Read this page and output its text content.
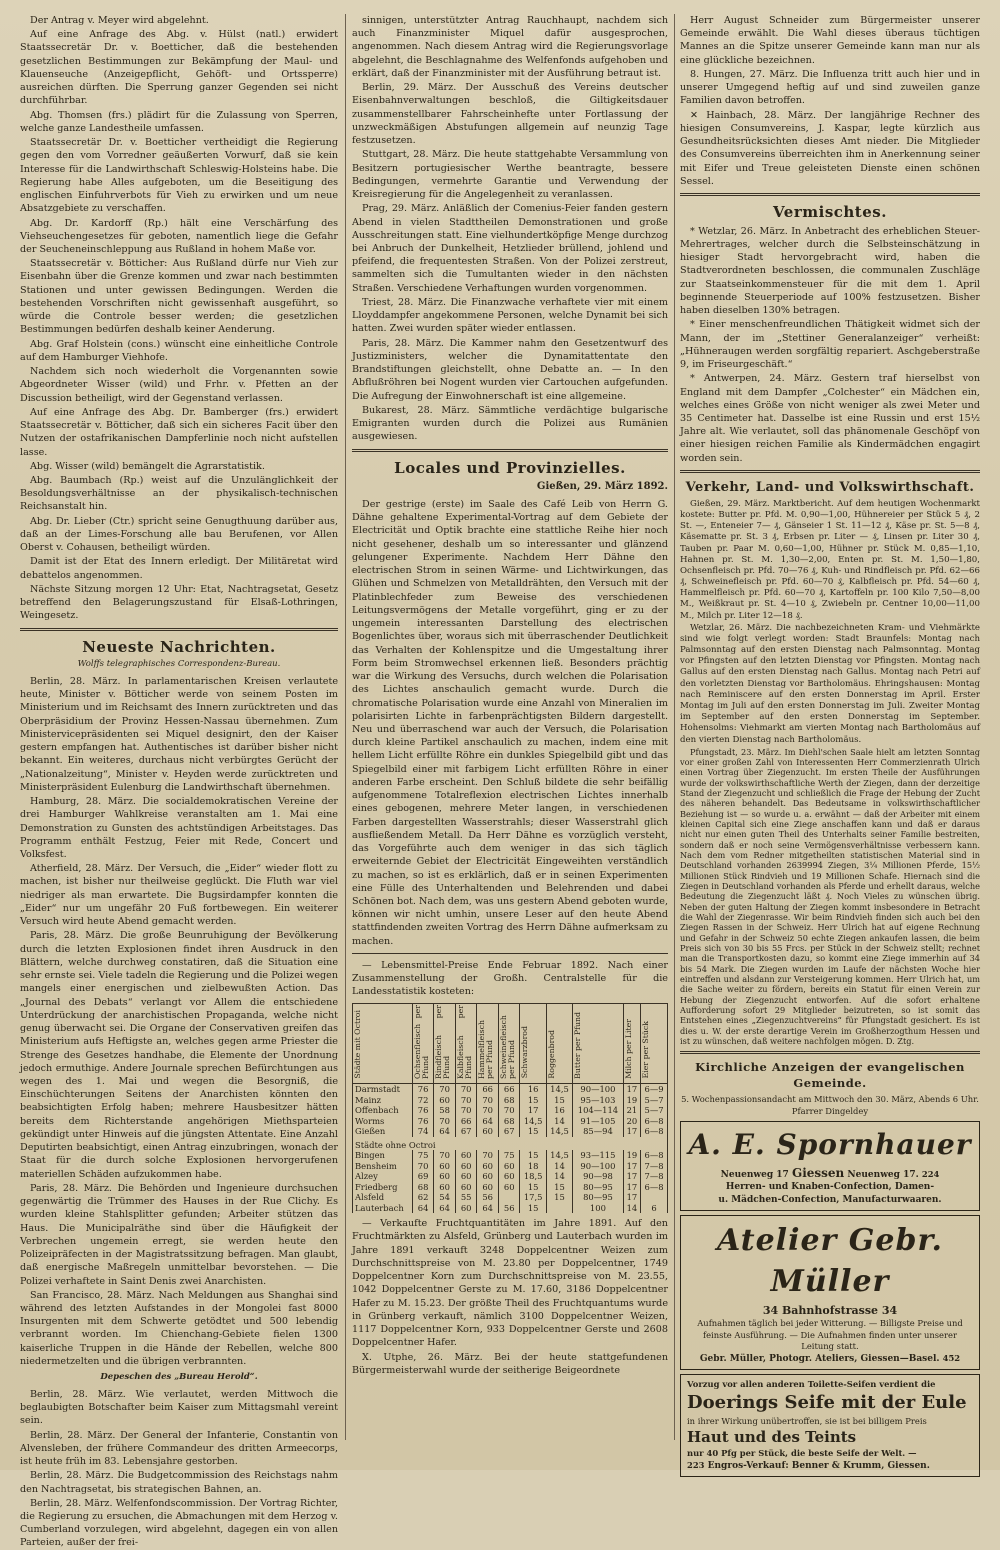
Der Antrag v. Meyer wird abgelehnt.

Auf eine Anfrage des Abg. v. Hülst (natl.) erwidert Staatssecretär Dr. v. Boetticher, daß die bestehenden gesetzlichen Bestimmungen zur Bekämpfung der Maul- und Klauenseuche (Anzeigepflicht, Gehöft- und Ortssperre) ausreichen dürften. Die Sperrung ganzer Gegenden sei nicht durchführbar.

Abg. Thomsen (frs.) plädirt für die Zulassung von Sperren, welche ganze Landestheile umfassen.

Staatssecretär Dr. v. Boetticher vertheidigt die Regierung gegen den vom Vorredner geäußerten Vorwurf, daß sie kein Interesse für die Landwirthschaft Schleswig-Holsteins habe. Die Regierung habe Alles aufgeboten, um die Beseitigung des englischen Einfuhrverbots für Vieh zu erwirken und um neue Absatzgebiete zu verschaffen.

Abg. Dr. Kardorff (Rp.) hält eine Verschärfung des Viehseuchengesetzes für geboten, namentlich liege die Gefahr der Seucheneinschleppung aus Rußland in hohem Maße vor.

Staatssecretär v. Bötticher: Aus Rußland dürfe nur Vieh zur Eisenbahn über die Grenze kommen und zwar nach bestimmten Stationen und unter gewissen Bedingungen. Werden die bestehenden Vorschriften nicht gewissenhaft ausgeführt, so würde die Controle besser werden; die gesetzlichen Bestimmungen bedürfen deshalb keiner Aenderung.

Abg. Graf Holstein (cons.) wünscht eine einheitliche Controle auf dem Hamburger Viehhofe.

Nachdem sich noch wiederholt die Vorgenannten sowie Abgeordneter Wisser (wild) und Frhr. v. Pfetten an der Discussion betheiligt, wird der Gegenstand verlassen.

Auf eine Anfrage des Abg. Dr. Bamberger (frs.) erwidert Staatssecretär v. Bötticher, daß sich ein sicheres Facit über den Nutzen der ostafrikanischen Dampferlinie noch nicht aufstellen lasse.

Abg. Wisser (wild) bemängelt die Agrarstatistik.

Abg. Baumbach (Rp.) weist auf die Unzulänglichkeit der Besoldungsverhältnisse an der physikalisch-technischen Reichsanstalt hin.

Abg. Dr. Lieber (Ctr.) spricht seine Genugthuung darüber aus, daß an der Limes-Forschung alle bau Berufenen, vor Allen Oberst v. Cohausen, betheiligt würden.

Damit ist der Etat des Innern erledigt. Der Militäretat wird debattelos angenommen.

Nächste Sitzung morgen 12 Uhr: Etat, Nachtragsetat, Gesetz betreffend den Belagerungszustand für Elsaß-Lothringen, Weingesetz.

Neueste Nachrichten.
Wolffs telegraphisches Correspondenz-Bureau.

Berlin, 28. März. In parlamentarischen Kreisen verlautete heute, Minister v. Bötticher werde von seinem Posten im Ministerium und im Reichsamt des Innern zurücktreten und das Oberpräsidium der Provinz Hessen-Nassau übernehmen. Zum Ministervicepräsidenten sei Miquel designirt, den der Kaiser gestern empfangen hat. Authentisches ist darüber bisher nicht bekannt. Ein weiteres, durchaus nicht verbürgtes Gerücht der „Nationalzeitung“, Minister v. Heyden werde zurücktreten und Ministerpräsident Eulenburg die Landwirthschaft übernehmen.

Hamburg, 28. März. Die socialdemokratischen Vereine der drei Hamburger Wahlkreise veranstalten am 1. Mai eine Demonstration zu Gunsten des achtstündigen Arbeitstages. Das Programm enthält Festzug, Feier mit Rede, Concert und Volksfest.

Atherfield, 28. März. Der Versuch, die „Eider“ wieder flott zu machen, ist bisher nur theilweise geglückt. Die Fluth war viel niedriger als man erwartete. Die Bugsirdampfer konnten die „Eider“ nur um ungefähr 20 Fuß fortbewegen. Ein weiterer Versuch wird heute Abend gemacht werden.

Paris, 28. März. Die große Beunruhigung der Bevölkerung durch die letzten Explosionen findet ihren Ausdruck in den Blättern, welche durchweg constatiren, daß die Situation eine sehr ernste sei. Viele tadeln die Regierung und die Polizei wegen mangels einer energischen und zielbewußten Action. Das „Journal des Debats“ verlangt vor Allem die entschiedene Unterdrückung der anarchistischen Propaganda, welche nicht genug überwacht sei. Die Organe der Conservativen greifen das Ministerium aufs Heftigste an, welches gegen arme Priester die Strenge des Gesetzes handhabe, die Elemente der Unordnung jedoch ermuthige. Andere Journale sprechen Befürchtungen aus wegen des 1. Mai und wegen die Besorgniß, die Einschüchterungen Seitens der Anarchisten könnten den beabsichtigten Erfolg haben; mehrere Hausbesitzer hätten bereits dem Richterstande angehörigen Miethsparteien gekündigt unter Hinweis auf die jüngsten Attentate. Eine Anzahl Deputirten beabsichtigt, einen Antrag einzubringen, wonach der Staat für die durch solche Explosionen hervorgerufenen materiellen Schäden aufzukommen habe.

Paris, 28. März. Die Behörden und Ingenieure durchsuchen gegenwärtig die Trümmer des Hauses in der Rue Clichy. Es wurden kleine Stahlsplitter gefunden; Arbeiter stützen das Haus. Die Municipalräthe sind über die Häufigkeit der Verbrechen ungemein erregt, sie werden heute den Polizeipräfecten in der Magistratssitzung befragen. Man glaubt, daß energische Maßregeln unmittelbar bevorstehen. — Die Polizei verhaftete in Saint Denis zwei Anarchisten.

San Francisco, 28. März. Nach Meldungen aus Shanghai sind während des letzten Aufstandes in der Mongolei fast 8000 Insurgenten mit dem Schwerte getödtet und 500 lebendig verbrannt worden. Im Chienchang-Gebiete fielen 1300 kaiserliche Truppen in die Hände der Rebellen, welche 800 niedermetzelten und die übrigen verbrannten.

Depeschen des „Bureau Herold“.

Berlin, 28. März. Wie verlautet, werden Mittwoch die beglaubigten Botschafter beim Kaiser zum Mittagsmahl vereint sein.

Berlin, 28. März. Der General der Infanterie, Constantin von Alvensleben, der frühere Commandeur des dritten Armeecorps, ist heute früh im 83. Lebensjahre gestorben.

Berlin, 28. März. Die Budgetcommission des Reichstags nahm den Nachtragsetat, bis strategischen Bahnen, an.

Berlin, 28. März. Welfenfondscommission. Der Vortrag Richter, die Regierung zu ersuchen, die Abmachungen mit dem Herzog v. Cumberland vorzulegen, wird abgelehnt, dagegen ein von allen Parteien, außer der frei-

sinnigen, unterstützter Antrag Rauchhaupt, nachdem sich auch Finanzminister Miquel dafür ausgesprochen, angenommen. Nach diesem Antrag wird die Regierungsvorlage abgelehnt, die Beschlagnahme des Welfenfonds aufgehoben und erklärt, daß der Finanzminister mit der Ausführung betraut ist.

Berlin, 29. März. Der Ausschuß des Vereins deutscher Eisenbahnverwaltungen beschloß, die Giltigkeitsdauer zusammenstellbarer Fahrscheinhefte unter Fortlassung der unzweckmäßigen Abstufungen allgemein auf neunzig Tage festzusetzen.

Stuttgart, 28. März. Die heute stattgehabte Versammlung von Besitzern portugiesischer Werthe beantragte, bessere Bedingungen, vermehrte Garantie und Verwendung der Kreisregierung für die Angelegenheit zu veranlassen.

Prag, 29. März. Anläßlich der Comenius-Feier fanden gestern Abend in vielen Stadttheilen Demonstrationen und große Ausschreitungen statt. Eine vielhundertköpfige Menge durchzog bei Anbruch der Dunkelheit, Hetzlieder brüllend, johlend und pfeifend, die frequentesten Straßen. Von der Polizei zerstreut, sammelten sich die Tumultanten wieder in den nächsten Straßen. Verschiedene Verhaftungen wurden vorgenommen.

Triest, 28. März. Die Finanzwache verhaftete vier mit einem Lloyddampfer angekommene Personen, welche Dynamit bei sich hatten. Zwei wurden später wieder entlassen.

Paris, 28. März. Die Kammer nahm den Gesetzentwurf des Justizministers, welcher die Dynamitattentate den Brandstiftungen gleichstellt, ohne Debatte an. — In den Abflußröhren bei Nogent wurden vier Cartouchen aufgefunden. Die Aufregung der Einwohnerschaft ist eine allgemeine.

Bukarest, 28. März. Sämmtliche verdächtige bulgarische Emigranten wurden durch die Polizei aus Rumänien ausgewiesen.

Locales und Provinzielles.
Gießen, 29. März 1892.

Der gestrige (erste) im Saale des Café Leib von Herrn G. Dähne gehaltene Experimental-Vortrag auf dem Gebiete der Electricität und Optik brachte eine stattliche Reihe hier noch nicht gesehener, deshalb um so interessanter und glänzend gelungener Experimente. Nachdem Herr Dähne den electrischen Strom in seinen Wärme- und Lichtwirkungen, das Glühen und Schmelzen von Metalldrähten, den Versuch mit der Platinblechfeder zum Beweise des verschiedenen Leitungsvermögens der Metalle vorgeführt, ging er zu der ungemein interessanten Darstellung des electrischen Bogenlichtes über, woraus sich mit überraschender Deutlichkeit das Verhalten der Kohlenspitze und die Umgestaltung ihrer Form beim Stromwechsel erkennen ließ. Besonders prächtig war die Wirkung des Versuchs, durch welchen die Polarisation des Lichtes anschaulich gemacht wurde. Durch die chromatische Polarisation wurde eine Anzahl von Mineralien im polarisirten Lichte in farbenprächtigsten Bildern dargestellt. Neu und überraschend war auch der Versuch, die Polarisation durch kleine Partikel anschaulich zu machen, indem eine mit hellem Licht erfüllte Röhre ein dunkles Spiegelbild gibt und das Spiegelbild einer mit farbigem Licht erfüllten Röhre in einer anderen Farbe erscheint. Den Schluß bildete die sehr beifällig aufgenommene Totalreflexion electrischen Lichtes innerhalb eines gebogenen, mehrere Meter langen, in verschiedenen Farben dargestellten Wasserstrahls; dieser Wasserstrahl glich ausfließendem Metall. Da Herr Dähne es vorzüglich versteht, das Vorgeführte auch dem weniger in das sich täglich erweiternde Gebiet der Electricität Eingeweihten verständlich zu machen, so ist es erklärlich, daß er in seinen Experimenten eine Fülle des Unterhaltenden und Belehrenden und dabei Schönen bot. Nach dem, was uns gestern Abend geboten wurde, können wir nicht umhin, unsere Leser auf den heute Abend stattfindenden zweiten Vortrag des Herrn Dähne aufmerksam zu machen.

— Lebensmittel-Preise Ende Februar 1892. Nach einer Zusammenstellung der Großh. Centralstelle für die Landesstatistik kosteten:

Städte mit Octroi	Ochsenfleisch per Pfund	Rindfleisch per Pfund	Kalbfleisch per Pfund	Hammelfleisch per Pfund	Schweinefleisch per Pfund	Schwarzbrod	Roggenbrod	Butter per Pfund	Milch per Liter	Eier per Stück
Darmstadt	76	70	70	66	66	16	14,5	90—100	17	6—9
Mainz	72	60	70	70	68	15	15	95—103	19	5—7
Offenbach	76	58	70	70	70	17	16	104—114	21	5—7
Worms	76	70	66	64	68	14,5	14	91—105	20	6—8
Gießen	74	64	67	60	67	15	14,5	85—94	17	6—8
Städte ohne Octroi										
Bingen	75	70	60	70	75	15	14,5	93—115	19	6—8
Bensheim	70	60	60	60	60	18	14	90—100	17	7—8
Alzey	69	60	60	60	60	18,5	14	90—98	17	7—8
Friedberg	68	60	60	60	60	15	15	80—95	17	6—8
Alsfeld	62	54	55	56		17,5	15	80—95	17	
Lauterbach	64	64	60	64	56	15		100	14	6

— Verkaufte Fruchtquantitäten im Jahre 1891. Auf den Fruchtmärkten zu Alsfeld, Grünberg und Lauterbach wurden im Jahre 1891 verkauft 3248 Doppelcentner Weizen zum Durchschnittspreise von M. 23.80 per Doppelcentner, 1749 Doppelcentner Korn zum Durchschnittspreise von M. 23.55, 1042 Doppelcentner Gerste zu M. 17.60, 3186 Doppelcentner Hafer zu M. 15.23. Der größte Theil des Fruchtquantums wurde in Grünberg verkauft, nämlich 3100 Doppelcentner Weizen, 1117 Doppelcentner Korn, 933 Doppelcentner Gerste und 2608 Doppelcentner Hafer.

X. Utphe, 26. März. Bei der heute stattgefundenen Bürgermeisterwahl wurde der seitherige Beigeordnete

Herr August Schneider zum Bürgermeister unserer Gemeinde erwählt. Die Wahl dieses überaus tüchtigen Mannes an die Spitze unserer Gemeinde kann man nur als eine glückliche bezeichnen.

8. Hungen, 27. März. Die Influenza tritt auch hier und in unserer Umgegend heftig auf und sind zuweilen ganze Familien davon betroffen.

✕ Hainbach, 28. März. Der langjährige Rechner des hiesigen Consumvereins, J. Kaspar, legte kürzlich aus Gesundheitsrücksichten dieses Amt nieder. Die Mitglieder des Consumvereins überreichten ihm in Anerkennung seiner mit Eifer und Treue geleisteten Dienste einen schönen Sessel.

Vermischtes.

* Wetzlar, 26. März. In Anbetracht des erheblichen Steuer-Mehrertrages, welcher durch die Selbsteinschätzung in hiesiger Stadt hervorgebracht wird, haben die Stadtverordneten beschlossen, die communalen Zuschläge zur Staatseinkommensteuer für die mit dem 1. April beginnende Steuerperiode auf 100% festzusetzen. Bisher haben dieselben 130% betragen.

* Einer menschenfreundlichen Thätigkeit widmet sich der Mann, der im „Stettiner Generalanzeiger“ verheißt: „Hühneraugen werden sorgfältig repariert. Aschgeberstraße 9, im Friseurgeschäft.“

* Antwerpen, 24. März. Gestern traf hierselbst von England mit dem Dampfer „Colchester“ ein Mädchen ein, welches eines Größe von nicht weniger als zwei Meter und 35 Centimeter hat. Dasselbe ist eine Russin und erst 15½ Jahre alt. Wie verlautet, soll das phänomenale Geschöpf von einer hiesigen reichen Familie als Kindermädchen engagirt worden sein.

Verkehr, Land- und Volkswirthschaft.

Gießen, 29. März. Marktbericht. Auf dem heutigen Wochenmarkt kostete: Butter pr. Pfd. M. 0,90—1,00, Hühnereier per Stück 5 ₰, 2 St. —, Enteneier 7— ₰, Gänseier 1 St. 11—12 ₰, Käse pr. St. 5—8 ₰, Käsematte pr. St. 3 ₰, Erbsen pr. Liter — ₰, Linsen pr. Liter 30 ₰, Tauben pr. Paar M. 0,60—1,00, Hühner pr. Stück M. 0,85—1,10, Hahnen pr. St. M. 1,30—2,00, Enten pr. St. M. 1,50—1,80, Ochsenfleisch pr. Pfd. 70—76 ₰, Kuh- und Rindfleisch pr. Pfd. 62—66 ₰, Schweinefleisch pr. Pfd. 60—70 ₰, Kalbfleisch pr. Pfd. 54—60 ₰, Hammelfleisch pr. Pfd. 60—70 ₰, Kartoffeln pr. 100 Kilo 7,50—8,00 M., Weißkraut pr. St. 4—10 ₰, Zwiebeln pr. Centner 10,00—11,00 M., Milch pr. Liter 12—18 ₰.

Wetzlar, 26. März. Die nachbezeichneten Kram- und Viehmärkte sind wie folgt verlegt worden: Stadt Braunfels: Montag nach Palmsonntag auf den ersten Dienstag nach Palmsonntag. Montag vor Pfingsten auf den letzten Dienstag vor Pfingsten. Montag nach Gallus auf den ersten Dienstag nach Gallus. Montag nach Petri auf den vorletzten Dienstag vor Bartholomäus. Ehringshausen: Montag nach Reminiscere auf den ersten Donnerstag im April. Erster Montag im Juli auf den ersten Donnerstag im Juli. Zweiter Montag im September auf den ersten Donnerstag im September. Hohensolms: Viehmarkt am vierten Montag nach Bartholomäus auf den vierten Dienstag nach Bartholomäus.

Pfungstadt, 23. März. Im Diehl'schen Saale hielt am letzten Sonntag vor einer großen Zahl von Interessenten Herr Commerzienrath Ulrich einen Vortrag über Ziegenzucht. Im ersten Theile der Ausführungen wurde der volkswirthschaftliche Werth der Ziegen, dann der derzeitige Stand der Ziegenzucht und schließlich die Frage der Hebung der Zucht des näheren behandelt. Das Bedeutsame in volkswirthschaftlicher Beziehung ist — so wurde u. a. erwähnt — daß der Arbeiter mit einem kleinen Capital sich eine Ziege anschaffen kann und daß er daraus nicht nur einen guten Theil des Unterhalts seiner Familie bestreiten, sondern daß er noch seine Vermögensverhältnisse verbessern kann. Nach dem vom Redner mitgetheilten statistischen Material sind in Deutschland vorhanden 2639994 Ziegen, 3¼ Millionen Pferde, 15½ Millionen Stück Rindvieh und 19 Millionen Schafe. Hiernach sind die Ziegen in Deutschland vorhanden als Pferde und erhellt daraus, welche Bedeutung die Ziegenzucht läßt ₰. Noch Vieles zu wünschen übrig. Neben der guten Haltung der Ziegen kommt insbesondere in Betracht die Wahl der Ziegenrasse. Wir beim Rindvieh finden sich auch bei den Ziegen Rassen in der Schweiz. Herr Ulrich hat auf eigene Rechnung und Gefahr in der Schweiz 50 echte Ziegen ankaufen lassen, die beim Preis sich von 30 bis 55 Frcs. per Stück in der Schweiz stellt; rechnet man die Transportkosten dazu, so kommt eine Ziege immerhin auf 34 bis 54 Mark. Die Ziegen wurden im Laufe der nächsten Woche hier eintreffen und alsdann zur Versteigerung kommen. Herr Ulrich hat, um die Sache weiter zu fördern, bereits ein Statut für einen Verein zur Hebung der Ziegenzucht entworfen. Auf die sofort erhaltene Aufforderung sofort 29 Mitglieder beizutreten, so ist somit das Entstehen eines „Ziegenzuchtvereins“ für Pfungstadt gesichert. Es ist dies u. W. der erste derartige Verein im Großherzogthum Hessen und ist zu wünschen, daß weitere nachfolgen mögen. D. Ztg.

Kirchliche Anzeigen der evangelischen Gemeinde.
5. Wochenpassionsandacht am Mittwoch den 30. März, Abends 6 Uhr. Pfarrer Dingeldey
A. E. Spornhauer
Neuenweg 17 Giessen Neuenweg 17. 224
Herren- und Knaben-Confection, Damen-
u. Mädchen-Confection, Manufacturwaaren.
Atelier Gebr. Müller
34 Bahnhofstrasse 34
Aufnahmen täglich bei jeder Witterung. — Billigste Preise und
feinste Ausführung. — Die Aufnahmen finden unter unserer
Leitung statt.
Gebr. Müller, Photogr. Ateliers, Giessen—Basel. 452
Vorzug vor allen anderen Toilette-Seifen verdient die
Doerings Seife mit der Eule
in ihrer Wirkung unübertroffen, sie ist bei billigem Preis
Haut und des Teints
nur 40 Pfg per Stück, die beste Seife der Welt. —
223 Engros-Verkauf: Benner & Krumm, Giessen.
